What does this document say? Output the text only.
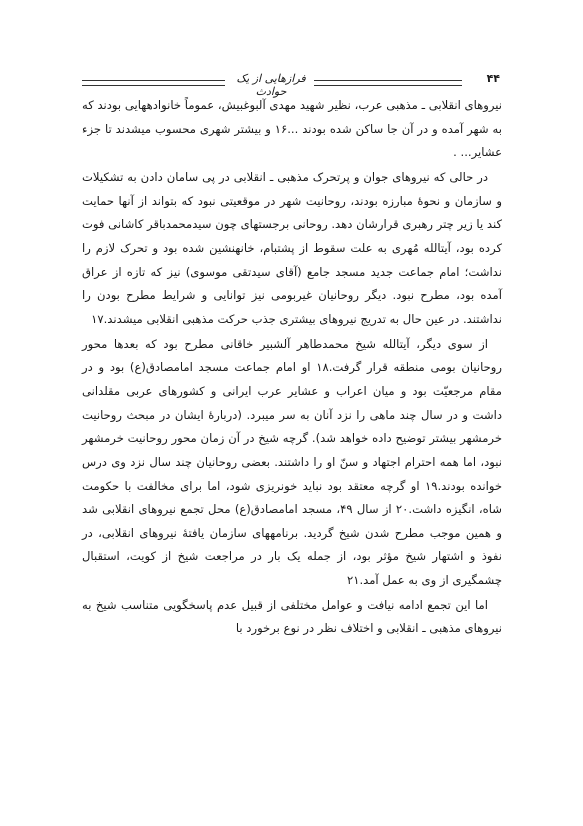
فرازهایی از یک حوادث
۴۴

نیروهای انقلابی ـ مذهبی عرب، نظیر شهید مهدی آلبوغبیش، عموماً خانوادههایی بودند که به شهر آمده و در آن جا ساکن شده بودند ...۱۶ و بیشتر شهری محسوب میشدند تا جزء عشایر... .

در حالی که نیروهای جوان و پرتحرک مذهبی ـ انقلابی در پی سامان دادن به تشکیلات و سازمان و نحوۀ مبارزه بودند، روحانیت شهر در موقعیتی نبود که بتواند از آنها حمایت کند یا زیر چتر رهبری قرارشان دهد. روحانی برجستهای چون سیدمحمدباقر کاشانی فوت کرده بود، آیتالله مُهری به علت سقوط از پشتبام، خانهنشین شده بود و تحرک لازم را نداشت؛ امام جماعت جدید مسجد جامع (آقای سیدتقی موسوی) نیز که تازه از عراق آمده بود، مطرح نبود. دیگر روحانیان غیربومی نیز توانایی و شرایط مطرح بودن را نداشتند. در عین حال به تدریج نیروهای بیشتری جذب حرکت مذهبی انقلابی میشدند.۱۷

از سوی دیگر، آیتالله شیخ محمدطاهر آلشبیر خاقانی مطرح بود که بعدها محور روحانیان بومی منطقه قرار گرفت.۱۸ او امام جماعت مسجد امامصادق(ع) بود و در مقام مرجعیّت بود و میان اعراب و عشایر عرب ایرانی و کشورهای عربی مقلدانی داشت و در سال چند ماهی را نزد آنان به سر میبرد. (دربارۀ ایشان در مبحث روحانیت خرمشهر بیشتر توضیح داده خواهد شد). گرچه شیخ در آن زمان محور روحانیت خرمشهر نبود، اما همه احترام اجتهاد و سنّ او را داشتند. بعضی روحانیان چند سال نزد وی درس خوانده بودند.۱۹ او گرچه معتقد بود نباید خونریزی شود، اما برای مخالفت با حکومت شاه، انگیزه داشت.۲۰ از سال ۴۹، مسجد امامصادق(ع) محل تجمع نیروهای انقلابی شد و همین موجب مطرح شدن شیخ گردید. برنامههای سازمان یافتۀ نیروهای انقلابی، در نفوذ و اشتهار شیخ مؤثر بود، از جمله یک بار در مراجعت شیخ از کویت، استقبال چشمگیری از وی به عمل آمد.۲۱

اما این تجمع ادامه نیافت و عوامل مختلفی از قبیل عدم پاسخگویی متناسب شیخ به نیروهای مذهبی ـ انقلابی و اختلاف نظر در نوع برخورد با
